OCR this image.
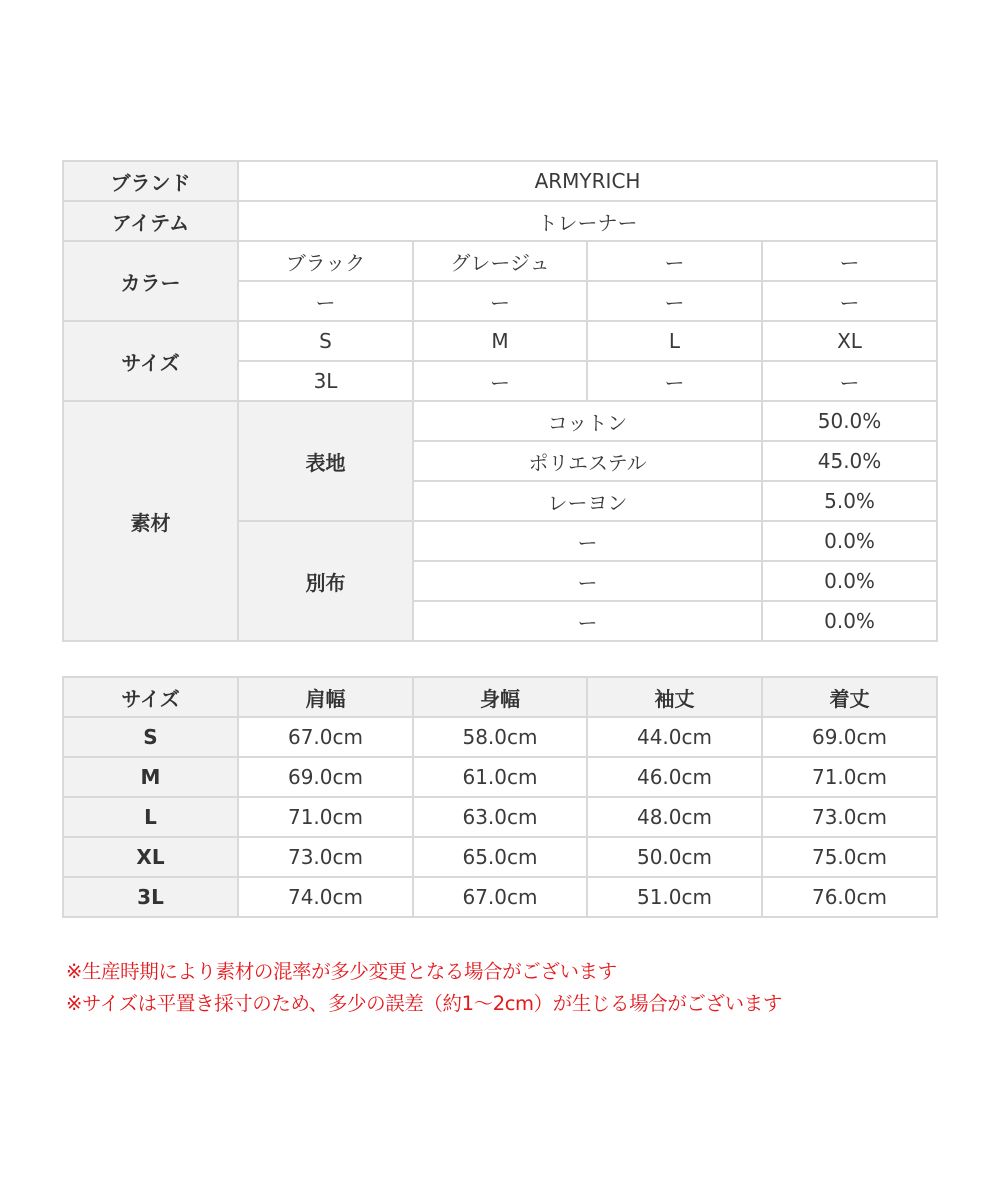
ブランド	ARMYRICH			
アイテム	トレーナー			
カラー	ブラック	グレージュ	ー	ー
	ー	ー	ー	ー
サイズ	S	M	L	XL
	3L	ー	ー	ー
素材	表地	コットン		50.0%
		ポリエステル		45.0%
		レーヨン		5.0%
	別布	ー		0.0%
		ー		0.0%
		ー		0.0%
サイズ	肩幅	身幅	袖丈	着丈
S	67.0cm	58.0cm	44.0cm	69.0cm
M	69.0cm	61.0cm	46.0cm	71.0cm
L	71.0cm	63.0cm	48.0cm	73.0cm
XL	73.0cm	65.0cm	50.0cm	75.0cm
3L	74.0cm	67.0cm	51.0cm	76.0cm
※生産時期により素材の混率が多少変更となる場合がございます
※サイズは平置き採寸のため、多少の誤差（約1～2cm）が生じる場合がございます
